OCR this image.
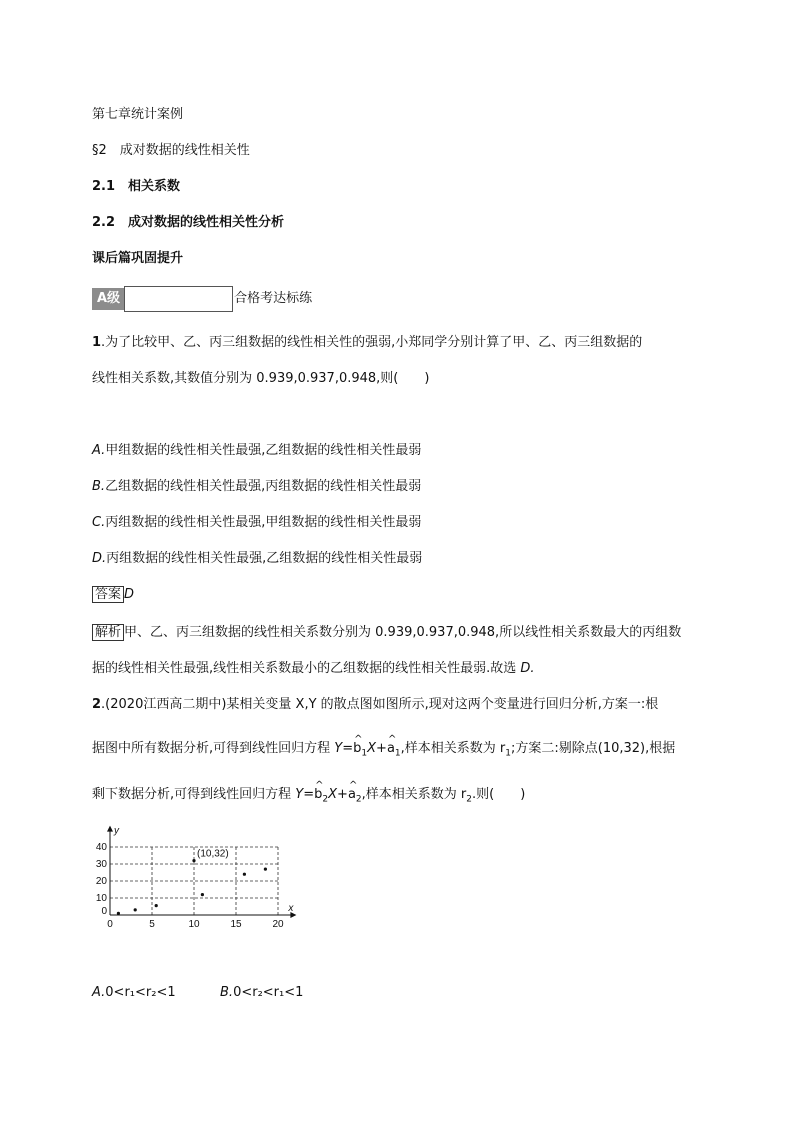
第七章统计案例
§2　成对数据的线性相关性
2.1　相关系数
2.2　成对数据的线性相关性分析
课后篇巩固提升
A级	合格考达标练
1.为了比较甲、乙、丙三组数据的线性相关性的强弱,小郑同学分别计算了甲、乙、丙三组数据的
线性相关系数,其数值分别为 0.939,0.937,0.948,则(　　)
A.甲组数据的线性相关性最强,乙组数据的线性相关性最弱
B.乙组数据的线性相关性最强,丙组数据的线性相关性最弱
C.丙组数据的线性相关性最强,甲组数据的线性相关性最弱
D.丙组数据的线性相关性最强,乙组数据的线性相关性最弱
答案 D
解析 甲、乙、丙三组数据的线性相关系数分别为 0.939,0.937,0.948,所以线性相关系数最大的丙组数
据的线性相关性最强,线性相关系数最小的乙组数据的线性相关性最弱.故选 D.
2.(2020江西高二期中)某相关变量 X,Y 的散点图如图所示,现对这两个变量进行回归分析,方案一:根
据图中所有数据分析,可得到线性回归方程 Y=^ $b_1X+\^{}$ $a_1$,样本相关系数为 $r_1$;方案二:剔除点(10,32),根据
剩下数据分析,可得到线性回归方程 Y=^ $b_2X+\^{}$ $a_2$,样本相关系数为 $r_2$.则(　　)
x
y
0	5	10	15	20
10
20
30
40
0
(10,32)
A.0<r₁<r₂<1	B.0<r₂<r₁<1
